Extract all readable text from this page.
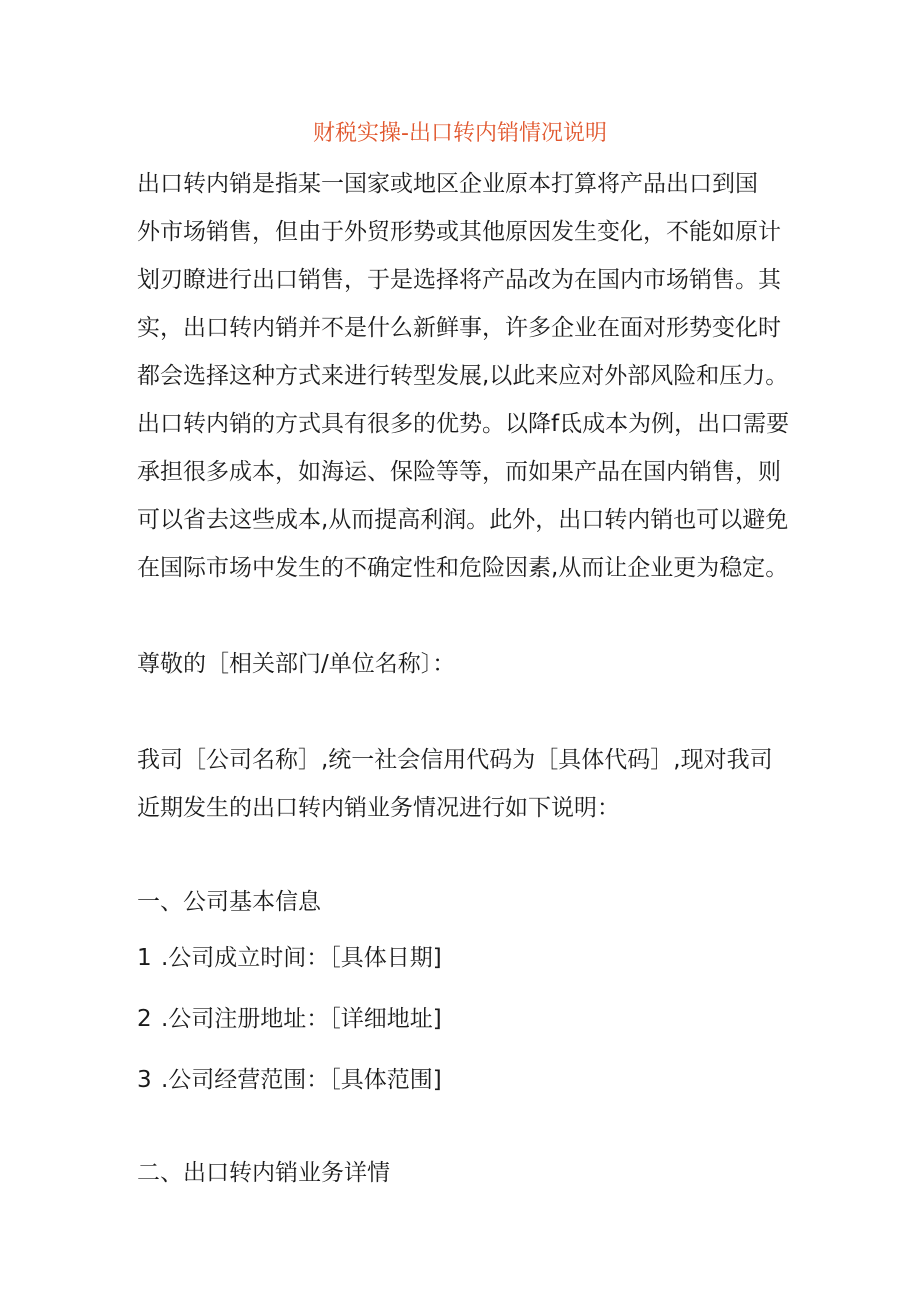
财税实操-出口转内销情况说明
出口转内销是指某一国家或地区企业原本打算将产品出口到国
外市场销售，但由于外贸形势或其他原因发生变化，不能如原计
划刃瞭进行出口销售，于是选择将产品改为在国内市场销售。其
实，出口转内销并不是什么新鲜事，许多企业在面对形势变化时
都会选择这种方式来进行转型发展,以此来应对外部风险和压力。
出口转内销的方式具有很多的优势。以降f氐成本为例，出口需要
承担很多成本，如海运、保险等等，而如果产品在国内销售，则
可以省去这些成本,从而提高利润。此外，出口转内销也可以避免
在国际市场中发生的不确定性和危险因素,从而让企业更为稳定。
尊敬的［相关部门/单位名称〕：
我司［公司名称］,统一社会信用代码为［具体代码］,现对我司
近期发生的出口转内销业务情况进行如下说明：
一、公司基本信息
1 .公司成立时间：［具体日期]
2 .公司注册地址：［详细地址]
3 .公司经营范围：［具体范围]
二、出口转内销业务详情
